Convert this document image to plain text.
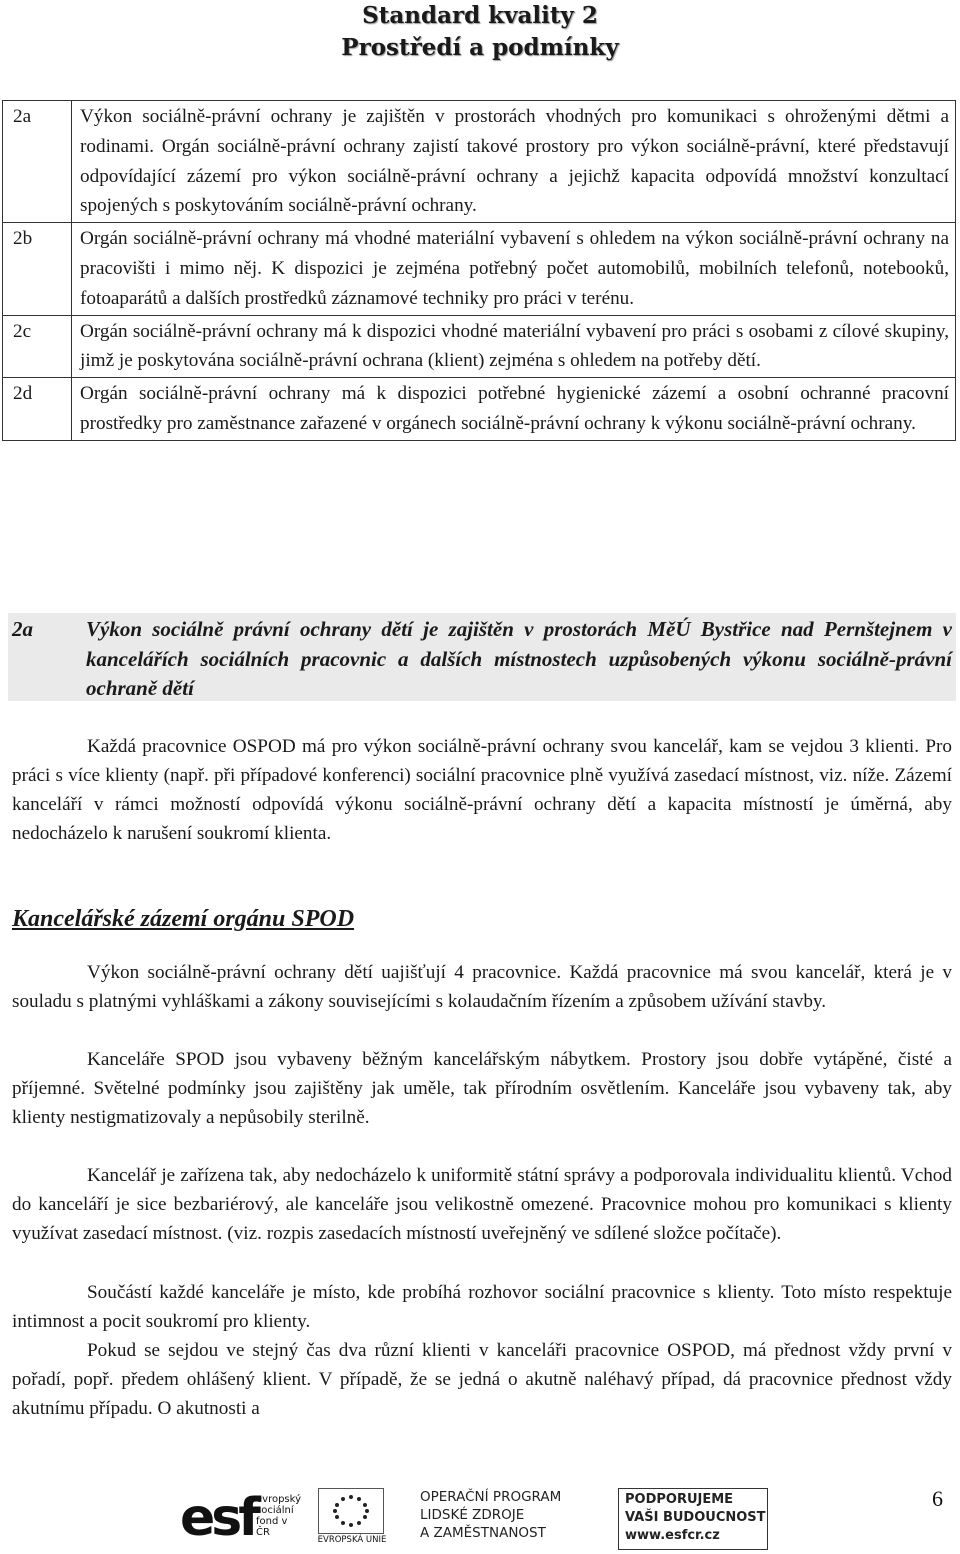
Standard kvality 2
Prostředí a podmínky
2a	Výkon sociálně-právní ochrany je zajištěn v prostorách vhodných pro komunikaci s ohroženými dětmi a rodinami. Orgán sociálně-právní ochrany zajistí takové prostory pro výkon sociálně-právní, které představují odpovídající zázemí pro výkon sociálně-právní ochrany a jejichž kapacita odpovídá množství konzultací spojených s poskytováním sociálně-právní ochrany.
2b	Orgán sociálně-právní ochrany má vhodné materiální vybavení s ohledem na výkon sociálně-právní ochrany na pracovišti i mimo něj. K dispozici je zejména potřebný počet automobilů, mobilních telefonů, notebooků, fotoaparátů a dalších prostředků záznamové techniky pro práci v terénu.
2c	Orgán sociálně-právní ochrany má k dispozici vhodné materiální vybavení pro práci s osobami z cílové skupiny, jimž je poskytována sociálně-právní ochrana (klient) zejména s ohledem na potřeby dětí.
2d	Orgán sociálně-právní ochrany má k dispozici potřebné hygienické zázemí a osobní ochranné pracovní prostředky pro zaměstnance zařazené v orgánech sociálně-právní ochrany k výkonu sociálně-právní ochrany.
2a	Výkon sociálně právní ochrany dětí je zajištěn v prostorách MěÚ Bystřice nad Pernštejnem v kancelářích sociálních pracovnic a dalších místnostech uzpůsobených výkonu sociálně-právní ochraně dětí

Každá pracovnice OSPOD má pro výkon sociálně-právní ochrany svou kancelář, kam se vejdou 3 klienti. Pro práci s více klienty (např. při případové konferenci) sociální pracovnice plně využívá zasedací místnost, viz. níže. Zázemí kanceláří v rámci možností odpovídá výkonu sociálně-právní ochrany dětí a kapacita místností je úměrná, aby nedocházelo k narušení soukromí klienta.

Kancelářské zázemí orgánu SPOD

Výkon sociálně-právní ochrany dětí uajišťují 4 pracovnice. Každá pracovnice má svou kancelář, která je v souladu s platnými vyhláškami a zákony souvisejícími s kolaudačním řízením a způsobem užívání stavby.

Kanceláře SPOD jsou vybaveny běžným kancelářským nábytkem. Prostory jsou dobře vytápěné, čisté a příjemné. Světelné podmínky jsou zajištěny jak uměle, tak přírodním osvětlením. Kanceláře jsou vybaveny tak, aby klienty nestigmatizovaly a nepůsobily sterilně.

Kancelář je zařízena tak, aby nedocházelo k uniformitě státní správy a podporovala individualitu klientů. Vchod do kanceláří je sice bezbariérový, ale kanceláře jsou velikostně omezené. Pracovnice mohou pro komunikaci s klienty využívat zasedací místnost. (viz. rozpis zasedacích místností uveřejněný ve sdílené složce počítače).

Součástí každé kanceláře je místo, kde probíhá rozhovor sociální pracovnice s klienty. Toto místo respektuje intimnost a pocit soukromí pro klienty.

Pokud se sejdou ve stejný čas dva různí klienti v kanceláři pracovnice OSPOD, má přednost vždy první v pořadí, popř. předem ohlášený klient. V případě, že se jedná o akutně naléhavý případ, dá pracovnice přednost vždy akutnímu případu. O akutnosti a

esf evropský
sociální
fond v ČR
EVROPSKÁ UNIE
OPERAČNÍ PROGRAM
LIDSKÉ ZDROJE
A ZAMĚSTNANOST
PODPORUJEME
VAŠI BUDOUCNOST
www.esfcr.cz
6
